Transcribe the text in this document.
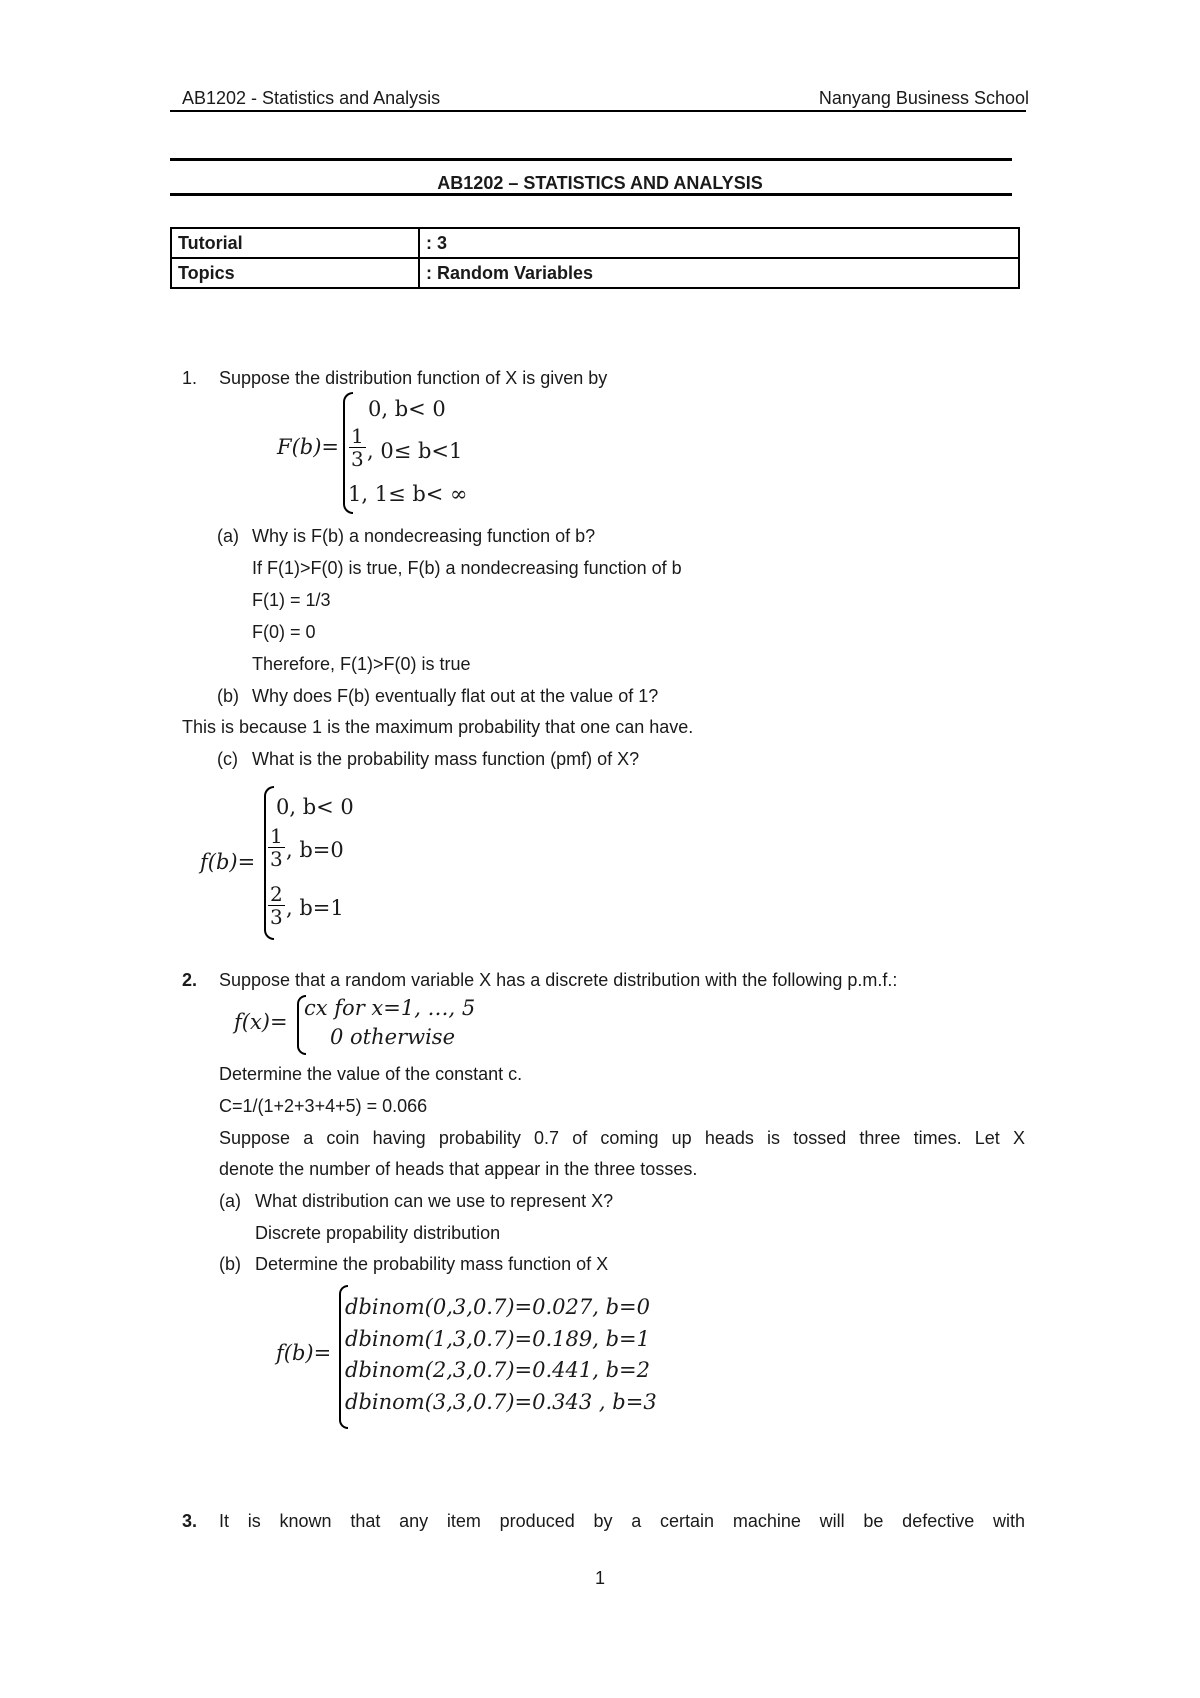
AB1202 - Statistics and Analysis	Nanyang Business School
AB1202 – STATISTICS AND ANALYSIS
Tutorial	: 3
Topics	: Random Variables
1. Suppose the distribution function of X is given by
F(b)=
0, b< 0
$\frac{1}{3}$ , 0≤ b<1
1, 1≤ b< ∞
(a) Why is F(b) a nondecreasing function of b?
If F(1)>F(0) is true, F(b) a nondecreasing function of b
F(1) = 1/3
F(0) = 0
Therefore, F(1)>F(0) is true
(b) Why does F(b) eventually flat out at the value of 1?
This is because 1 is the maximum probability that one can have.
(c) What is the probability mass function (pmf) of X?
f(b)=
0, b< 0
$\frac{1}{3}$ , b=0
$\frac{2}{3}$ , b=1
2. Suppose that a random variable X has a discrete distribution with the following p.m.f.:
f(x)=
cx for x=1, …, 5
0 otherwise
Determine the value of the constant c.
C=1/(1+2+3+4+5) = 0.066
Suppose a coin having probability 0.7 of coming up heads is tossed three times. Let X
denote the number of heads that appear in the three tosses.
(a) What distribution can we use to represent X?
Discrete propability distribution
(b) Determine the probability mass function of X
f(b)=
dbinom(0,3,0.7)=0.027, b=0
dbinom(1,3,0.7)=0.189, b=1
dbinom(2,3,0.7)=0.441, b=2
dbinom(3,3,0.7)=0.343 , b=3
3. It is known that any item produced by a certain machine will be defective with
1
